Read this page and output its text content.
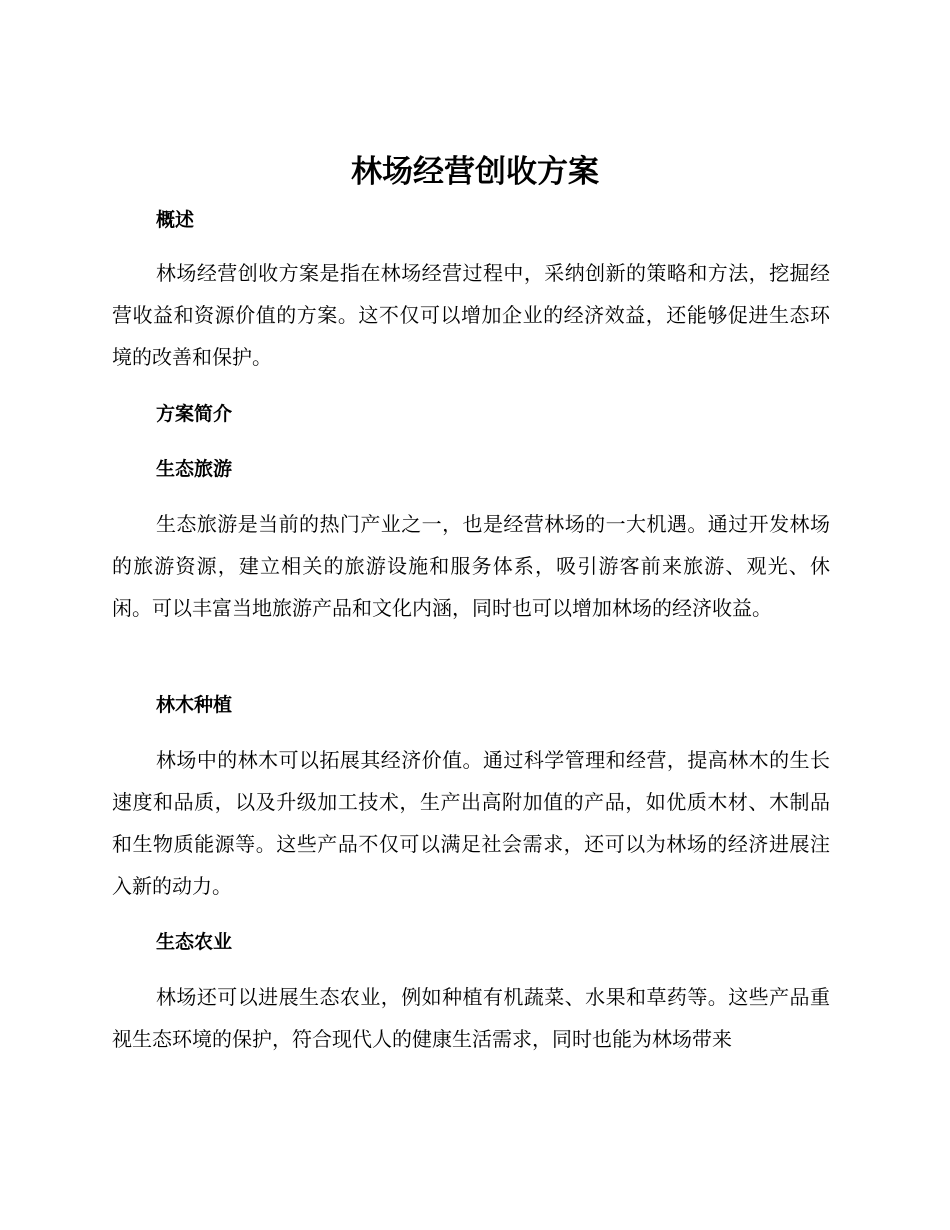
林场经营创收方案
概述

林场经营创收方案是指在林场经营过程中，采纳创新的策略和方法，挖掘经营收益和资源价值的方案。这不仅可以增加企业的经济效益，还能够促进生态环境的改善和保护。

方案简介
生态旅游

生态旅游是当前的热门产业之一，也是经营林场的一大机遇。通过开发林场的旅游资源，建立相关的旅游设施和服务体系，吸引游客前来旅游、观光、休闲。可以丰富当地旅游产品和文化内涵，同时也可以增加林场的经济收益。

林木种植

林场中的林木可以拓展其经济价值。通过科学管理和经营，提高林木的生长速度和品质，以及升级加工技术，生产出高附加值的产品，如优质木材、木制品和生物质能源等。这些产品不仅可以满足社会需求，还可以为林场的经济进展注入新的动力。

生态农业

林场还可以进展生态农业，例如种植有机蔬菜、水果和草药等。这些产品重视生态环境的保护，符合现代人的健康生活需求，同时也能为林场带来
